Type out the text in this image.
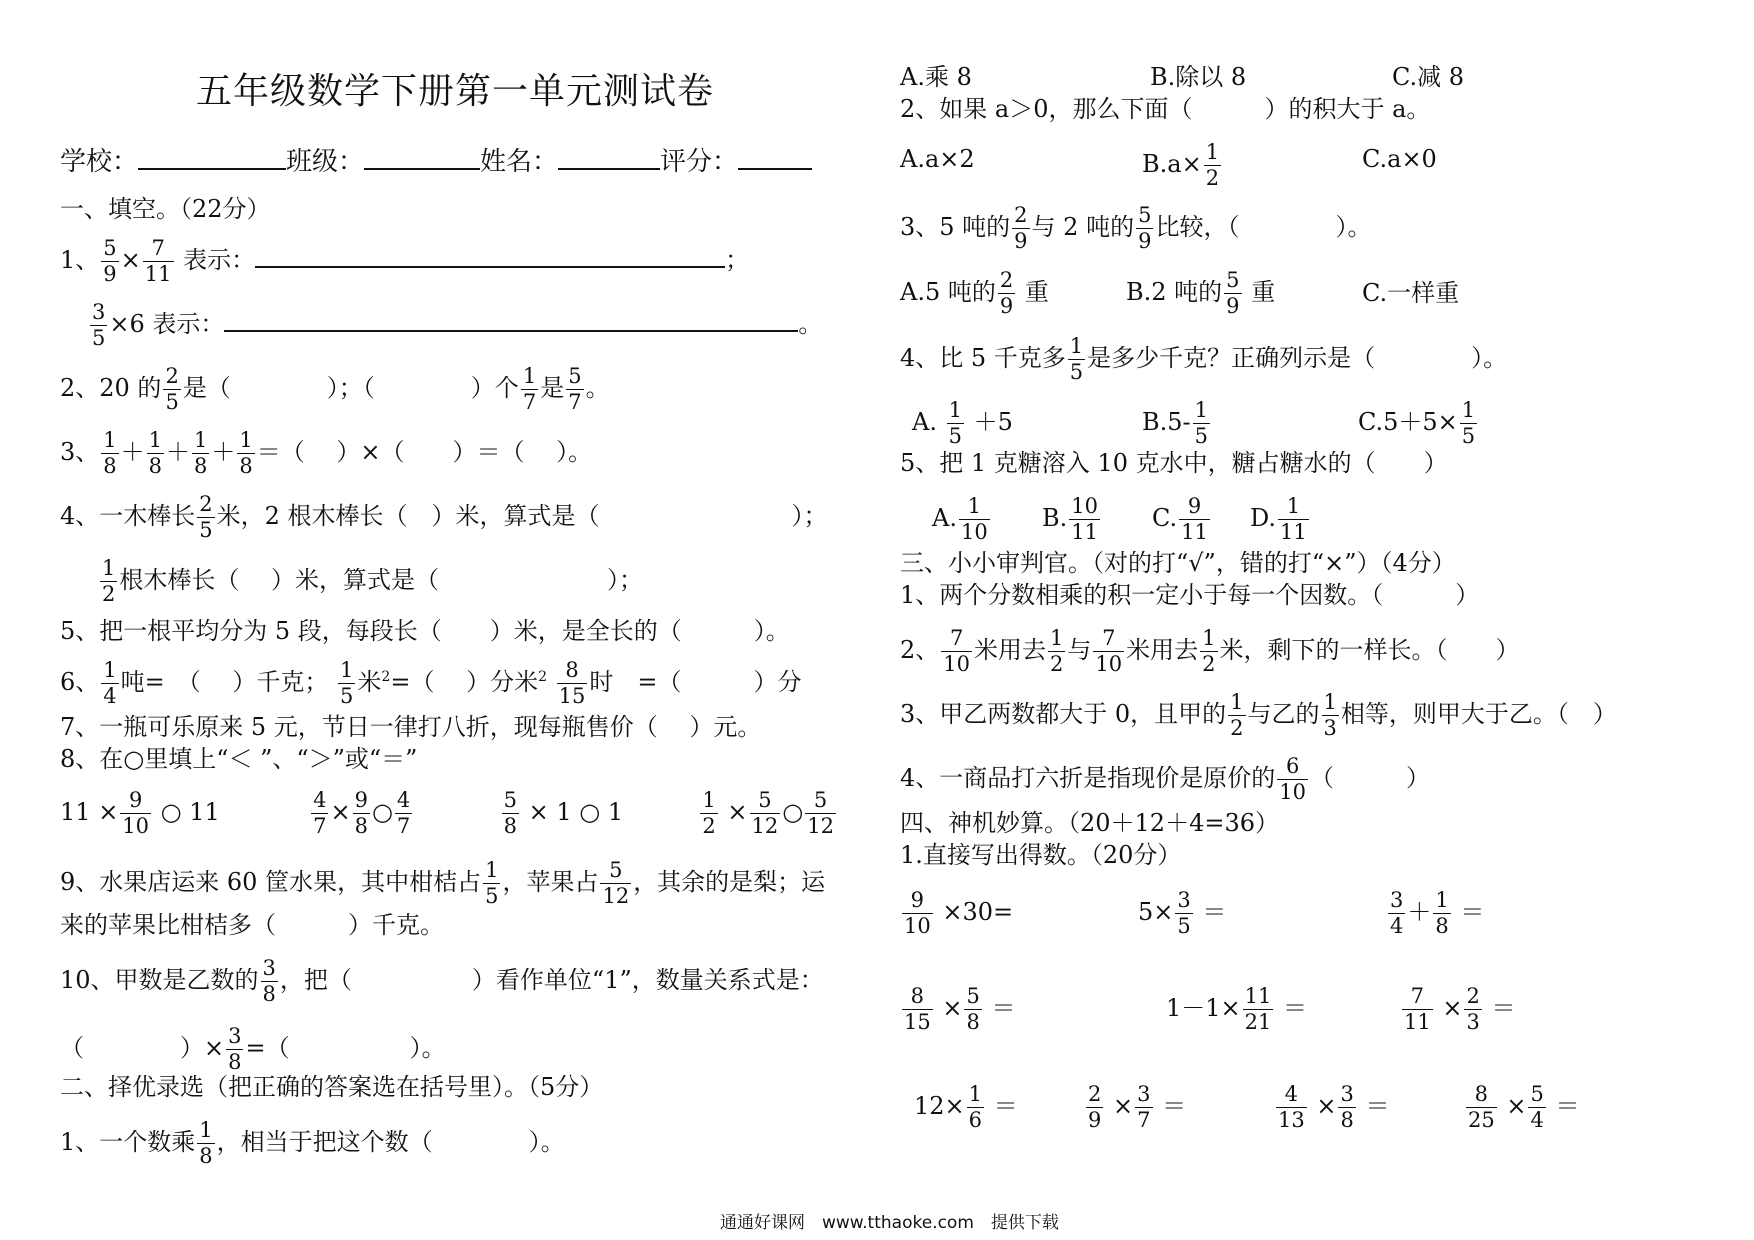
五年级数学下册第一单元测试卷
学校：	班级：	姓名：	评分：
一、填空。（22分）
1、 $\frac{5}{9} \times \frac{7}{11}$ 表示：	；
$\frac{3}{5} \times 6$ 表示：	。
2、20 的 $\frac{2}{5}$ 是（　　　　）；（　　　　）个 $\frac{1}{7}$ 是 $\frac{5}{7}$ 。
3、 $\frac{1}{8} + \frac{1}{8} + \frac{1}{8} + \frac{1}{8}$ ＝（　 ）×（　　）＝（　 ）。
4、一木棒长 $\frac{2}{5}$ 米，2 根木棒长（　）米，算式是（　　　　　　　　）；
$\frac{1}{2}$ 根木棒长（　 ）米，算式是（　　　　　　　）；
5、把一根平均分为 5 段，每段长（　　）米，是全长的（　　　）。
6、 $\frac{1}{4}$ 吨=　（　 ）千克； $\frac{1}{5}$ 米$^2$=（　 ）分米$^2 \frac{8}{15}$ 时　=（　　　）分
7、一瓶可乐原来 5 元，节日一律打八折，现每瓶售价（　 ）元。
8、在○里填上“＜ ”、“＞”或“＝”
$11 \times \frac{9}{10}$ ○ 11	$\frac{4}{7} \times \frac{9}{8}$ ○ $\frac{4}{7}$
	$\frac{5}{8} \times 1$ ○ 1	$\frac{1}{2} \times \frac{5}{12}$ ○ $\frac{5}{12}$
9、水果店运来 60 筐水果，其中柑桔占 $\frac{1}{5}$ ，苹果占 $\frac{5}{12}$ ，其余的是梨；运
来的苹果比柑桔多（　　　）千克。
10、甲数是乙数的 $\frac{3}{8}$ ，把（　　　　　）看作单位“1”，数量关系式是：
（　　　　）× $\frac{3}{8}$ =（　　　　　）。
二、择优录选（把正确的答案选在括号里）。（5分）
1、一个数乘 $\frac{1}{8}$ ，相当于把这个数（　　　　）。
A.乘 8	B.除以 8	C.减 8
2、如果 a＞0，那么下面（　　　）的积大于 a。
A.a×2	$B.a\times \frac{1}{2}$	C.a×0
3、5 吨的 $\frac{2}{9}$ 与 2 吨的 $\frac{5}{9}$ 比较，（　　　　）。
A.5 吨的 $\frac{2}{9}$ 重	B.2 吨的 $\frac{5}{9}$ 重	C.一样重
4、比 5 千克多 $\frac{1}{5}$ 是多少千克？正确列示是（　　　　）。
A. $\frac{1}{5} +5$	$B.5- \frac{1}{5}$	$C.5+5\times \frac{1}{5}$
5、把 1 克糖溶入 10 克水中，糖占糖水的（　　）
A. $\frac{1}{10} B$. $\frac{10}{11} C$. $\frac{9}{11} D$. $\frac{1}{11}$
三、小小审判官。（对的打“√”，错的打“×”）（4分）
1、两个分数相乘的积一定小于每一个因数。（　　　）
2、 $\frac{7}{10}$ 米用去 $\frac{1}{2}$ 与 $\frac{7}{10}$ 米用去 $\frac{1}{2}$ 米，剩下的一样长。（　　）
3、甲乙两数都大于 0，且甲的 $\frac{1}{2}$ 与乙的 $\frac{1}{3}$ 相等，则甲大于乙。（　）
4、一商品打六折是指现价是原价的 $\frac{6}{10}$ （　　　）
四、神机妙算。（20＋12＋4=36）
1.直接写出得数。（20分）
$\frac{9}{10} \times 30=$	$5\times \frac{3}{5}$ ＝	$\frac{3}{4} + \frac{1}{8}$ ＝
$\frac{8}{15} \times \frac{5}{8}$ ＝	$1-1\times \frac{11}{21}$ ＝	$\frac{7}{11} \times \frac{2}{3}$ ＝
$12\times \frac{1}{6}$ ＝	$\frac{2}{9} \times \frac{3}{7}$ ＝	$\frac{4}{13} \times \frac{3}{8}$ ＝	$\frac{8}{25} \times \frac{5}{4}$ ＝
通通好课网　www.tthaoke.com　提供下载
